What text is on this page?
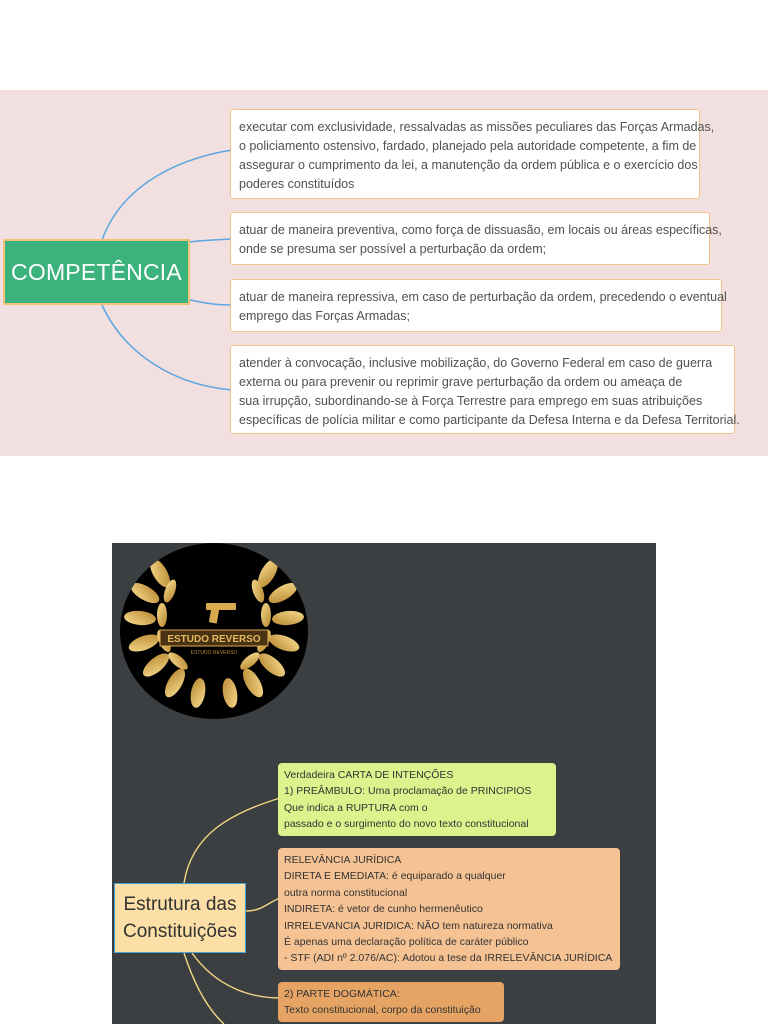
COMPETÊNCIA
executar com exclusividade, ressalvadas as missões peculiares das Forças Armadas,
o policiamento ostensivo, fardado, planejado pela autoridade competente, a fim de
assegurar o cumprimento da lei, a manutenção da ordem pública e o exercício dos
poderes constituídos
atuar de maneira preventiva, como força de dissuasão, em locais ou áreas específicas,
onde se presuma ser possível a perturbação da ordem;
atuar de maneira repressiva, em caso de perturbação da ordem, precedendo o eventual
emprego das Forças Armadas;
atender à convocação, inclusive mobilização, do Governo Federal em caso de guerra
externa ou para prevenir ou reprimir grave perturbação da ordem ou ameaça de
sua irrupção, subordinando-se à Força Terrestre para emprego em suas atribuições
específicas de polícia militar e como participante da Defesa Interna e da Defesa Territorial.
ESTUDO REVERSO
ESTUDO REVERSO
Estrutura das
Constituições
Verdadeira CARTA DE INTENÇÕES
1) PREÂMBULO: Uma proclamação de PRINCIPIOS
Que indica a RUPTURA com o
passado e o surgimento do novo texto constitucional
RELEVÂNCIA JURÍDICA
DIRETA E EMEDIATA: é equiparado a qualquer
outra norma constitucional
INDIRETA: é vetor de cunho hermenêutico
IRRELEVANCIA JURIDICA: NÃO tem natureza normativa
É apenas uma declaração política de caráter público
- STF (ADI nº 2.076/AC): Adotou a tese da IRRELEVÂNCIA JURÍDICA
2) PARTE DOGMÁTICA:
Texto constitucional, corpo da constituição
